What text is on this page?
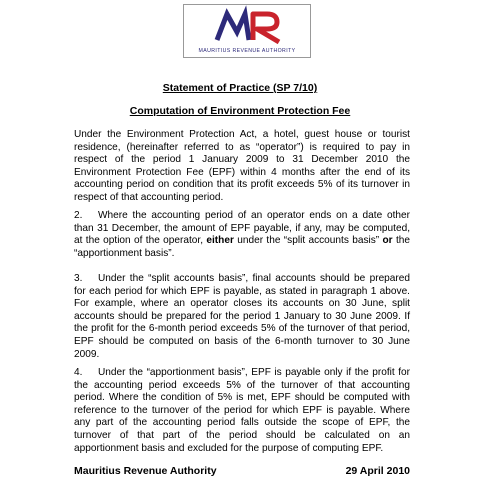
MAURITIUS REVENUE AUTHORITY
Statement of Practice (SP 7/10)
Computation of Environment Protection Fee

Under the Environment Protection Act, a hotel, guest house or tourist residence, (hereinafter referred to as “operator”) is required to pay in respect of the period 1 January 2009 to 31 December 2010 the Environment Protection Fee (EPF) within 4 months after the end of its accounting period on condition that its profit exceeds 5% of its turnover in respect of that accounting period.

2. Where the accounting period of an operator ends on a date other than 31 December, the amount of EPF payable, if any, may be computed, at the option of the operator, either under the “split accounts basis” or the “apportionment basis”.

3. Under the “split accounts basis”, final accounts should be prepared for each period for which EPF is payable, as stated in paragraph 1 above. For example, where an operator closes its accounts on 30 June, split accounts should be prepared for the period 1 January to 30 June 2009. If the profit for the 6-month period exceeds 5% of the turnover of that period, EPF should be computed on basis of the 6-month turnover to 30 June 2009.

4. Under the “apportionment basis”, EPF is payable only if the profit for the accounting period exceeds 5% of the turnover of that accounting period. Where the condition of 5% is met, EPF should be computed with reference to the turnover of the period for which EPF is payable. Where any part of the accounting period falls outside the scope of EPF, the turnover of that part of the period should be calculated on an apportionment basis and excluded for the purpose of computing EPF.

Mauritius Revenue Authority	29 April 2010
